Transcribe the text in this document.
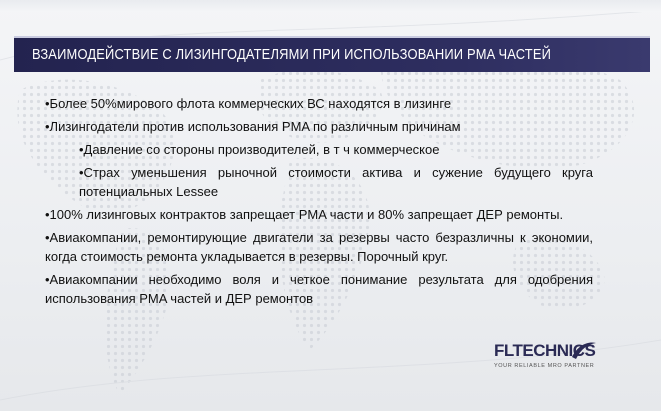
ВЗАИМОДЕЙСТВИЕ С ЛИЗИНГОДАТЕЛЯМИ ПРИ ИСПОЛЬЗОВАНИИ PMA ЧАСТЕЙ
•Более 50%мирового флота коммерческих ВС находятся в лизинге
•Лизингодатели против использования PMA по различным причинам
•Давление со стороны производителей, в т ч коммерческое
•Страх уменьшения рыночной стоимости актива и сужение будущего круга потенциальных Lessee
•100% лизинговых контрактов запрещает PMA части и 80% запрещает ДЕР ремонты.
•Авиакомпании, ремонтирующие двигатели за резервы часто безразличны к экономии, когда стоимость ремонта укладывается в резервы. Порочный круг.
•Авиакомпании необходимо воля и четкое понимание результата для одобрения использования PMA частей и ДЕР ремонтов
FLTECHNICS
YOUR RELIABLE MRO PARTNER
